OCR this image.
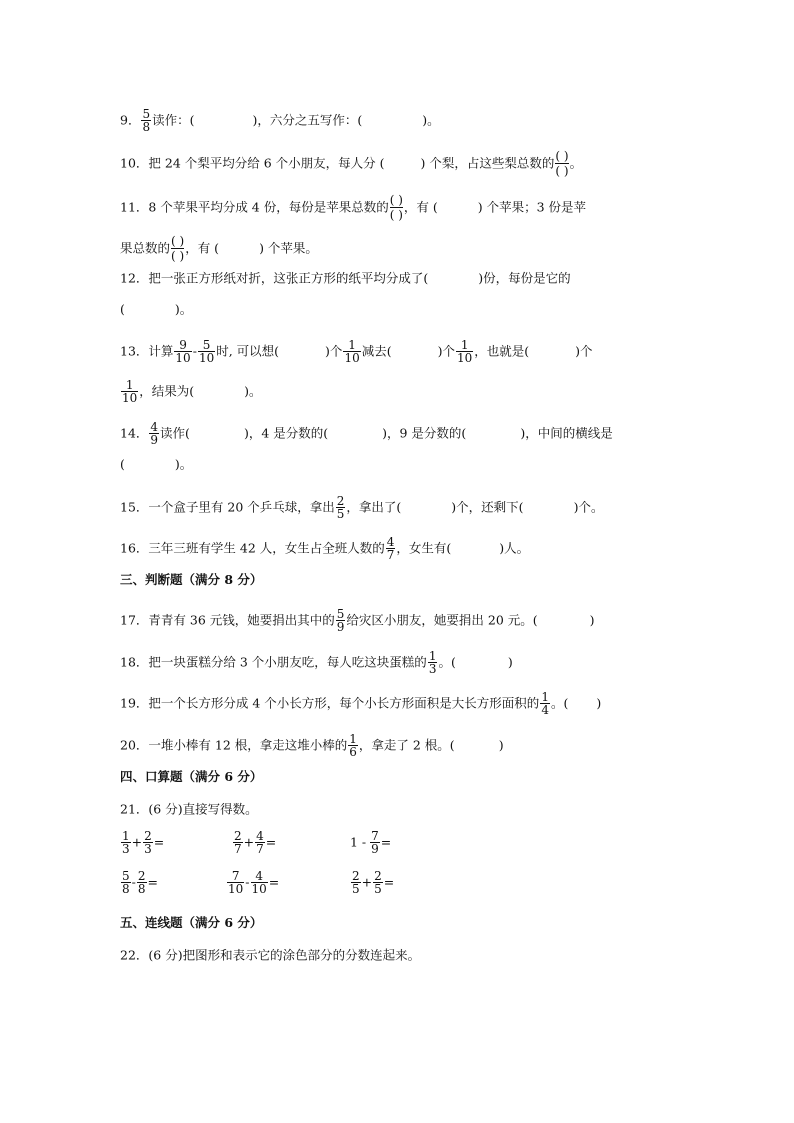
9． $\frac{5}{8}$ 读作：(	)，六分之五写作：(	)。
10．把 24 个梨平均分给 6 个小朋友，每人分 (	) 个梨，占这些梨总数的 ( )
( )
。
11．8 个苹果平均分成 4 份，每份是苹果总数的 ( )
( )
，有 (	) 个苹果；3 份是苹
果总数的 ( )
( )
，有 (	) 个苹果。
12．把一张正方形纸对折，这张正方形的纸平均分成了(	)份，每份是它的
(	)。
13．计算 $\frac{9}{10} - \frac{5}{10}$ 时, 可以想(	)个 $\frac{1}{10}$ 减去(	)个 $\frac{1}{10}$ ，也就是(	)个
$\frac{1}{10}$ ，结果为(	)。
14． $\frac{4}{9}$ 读作(	)，4 是分数的(	)，9 是分数的(	)，中间的横线是
(	)。
15．一个盒子里有 20 个乒乓球，拿出 $\frac{2}{5}$ ，拿出了(	)个，还剩下(	)个。
16．三年三班有学生 42 人，女生占全班人数的 $\frac{4}{7}$ ，女生有(	)人。
三、判断题（满分 8 分）
17．青青有 36 元钱，她要捐出其中的 $\frac{5}{9}$ 给灾区小朋友，她要捐出 20 元。(	)
18．把一块蛋糕分给 3 个小朋友吃，每人吃这块蛋糕的 $\frac{1}{3}$ 。(	)
19．把一个长方形分成 4 个小长方形，每个小长方形面积是大长方形面积的 $\frac{1}{4}$ 。( )
20．一堆小棒有 12 根，拿走这堆小棒的 $\frac{1}{6}$ ，拿走了 2 根。(	)
四、口算题（满分 6 分）
21．(6 分)直接写得数。
$\frac{1}{3} + \frac{2}{3}$ =	$\frac{2}{7} + \frac{4}{7}$ =	$1 - \frac{7}{9}$ =
$\frac{5}{8} - \frac{2}{8}$ =	$\frac{7}{10} - \frac{4}{10}$ =	$\frac{2}{5} + \frac{2}{5}$ =
五、连线题（满分 6 分）
22．(6 分)把图形和表示它的涂色部分的分数连起来。
